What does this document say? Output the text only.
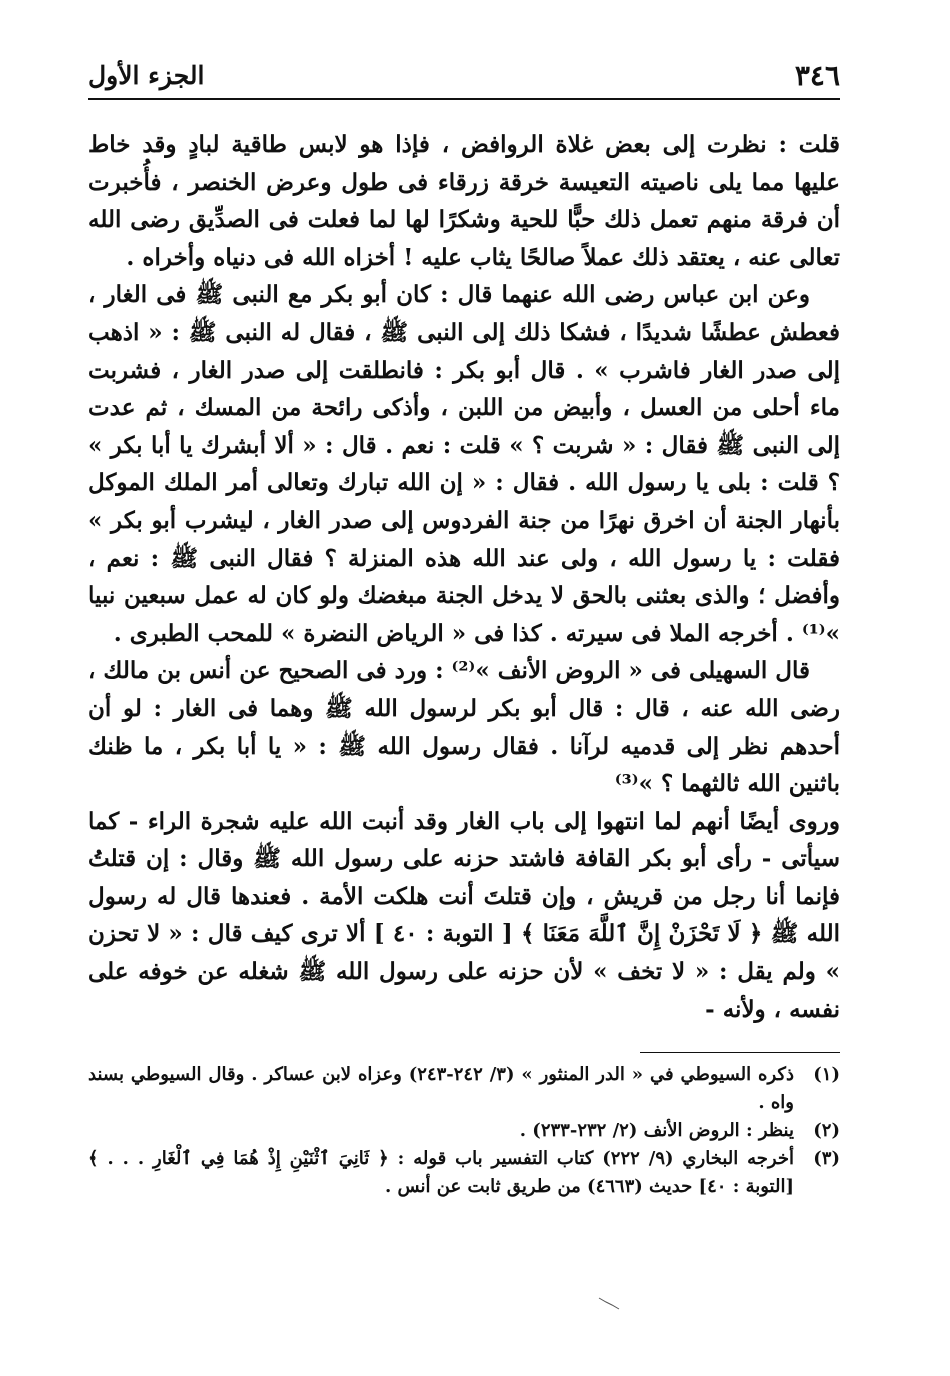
٣٤٦
الجزء الأول

قلت : نظرت إلى بعض غلاة الروافض ، فإذا هو لابس طاقية لبادٍ وقد خاط عليها مما يلى ناصيته التعيسة خرقة زرقاء فى طول وعرض الخنصر ، فأُخبرت أن فرقة منهم تعمل ذلك حبًّا للحية وشكرًا لها لما فعلت فى الصدِّيق رضى الله تعالى عنه ، يعتقد ذلك عملاً صالحًا يثاب عليه ! أخزاه الله فى دنياه وأخراه .

وعن ابن عباس رضى الله عنهما قال : كان أبو بكر مع النبى ﷺ فى الغار ، فعطش عطشًا شديدًا ، فشكا ذلك إلى النبى ﷺ ، فقال له النبى ﷺ : « اذهب إلى صدر الغار فاشرب » . قال أبو بكر : فانطلقت إلى صدر الغار ، فشربت ماء أحلى من العسل ، وأبيض من اللبن ، وأذكى رائحة من المسك ، ثم عدت إلى النبى ﷺ فقال : « شربت ؟ » قلت : نعم . قال : « ألا أبشرك يا أبا بكر » ؟ قلت : بلى يا رسول الله . فقال : « إن الله تبارك وتعالى أمر الملك الموكل بأنهار الجنة أن اخرق نهرًا من جنة الفردوس إلى صدر الغار ، ليشرب أبو بكر » فقلت : يا رسول الله ، ولى عند الله هذه المنزلة ؟ فقال النبى ﷺ : نعم ، وأفضل ؛ والذى بعثنى بالحق لا يدخل الجنة مبغضك ولو كان له عمل سبعين نبيا »⁽¹⁾ . أخرجه الملا فى سيرته . كذا فى « الرياض النضرة » للمحب الطبرى .

قال السهيلى فى « الروض الأنف »⁽²⁾ : ورد فى الصحيح عن أنس بن مالك ، رضى الله عنه ، قال : قال أبو بكر لرسول الله ﷺ وهما فى الغار : لو أن أحدهم نظر إلى قدميه لرآنا . فقال رسول الله ﷺ : « يا أبا بكر ، ما ظنك باثنين الله ثالثهما ؟ »⁽³⁾

وروى أيضًا أنهم لما انتهوا إلى باب الغار وقد أنبت الله عليه شجرة الراء - كما سيأتى - رأى أبو بكر القافة فاشتد حزنه على رسول الله ﷺ وقال : إن قتلتُ فإنما أنا رجل من قريش ، وإن قتلتَ أنت هلكت الأمة . فعندها قال له رسول الله ﷺ ﴿ لَا تَحْزَنْ إِنَّ ٱللَّهَ مَعَنَا ﴾ [ التوبة : ٤٠ ] ألا ترى كيف قال : « لا تحزن » ولم يقل : « لا تخف » لأن حزنه على رسول الله ﷺ شغله عن خوفه على نفسه ، ولأنه -

(١)
ذكره السيوطي في « الدر المنثور » (٣/ ٢٤٢-٢٤٣) وعزاه لابن عساكر . وقال السيوطي بسند واه .
(٢)
ينظر : الروض الأنف (٢/ ٢٣٢-٢٣٣) .
(٣)
أخرجه البخاري (٩/ ٢٢٢) كتاب التفسير باب قوله : ﴿ ثَانِيَ ٱثْنَيْنِ إِذْ هُمَا فِي ٱلْغَارِ . . . ﴾ [التوبة : ٤٠] حديث (٤٦٦٣) من طريق ثابت عن أنس .
